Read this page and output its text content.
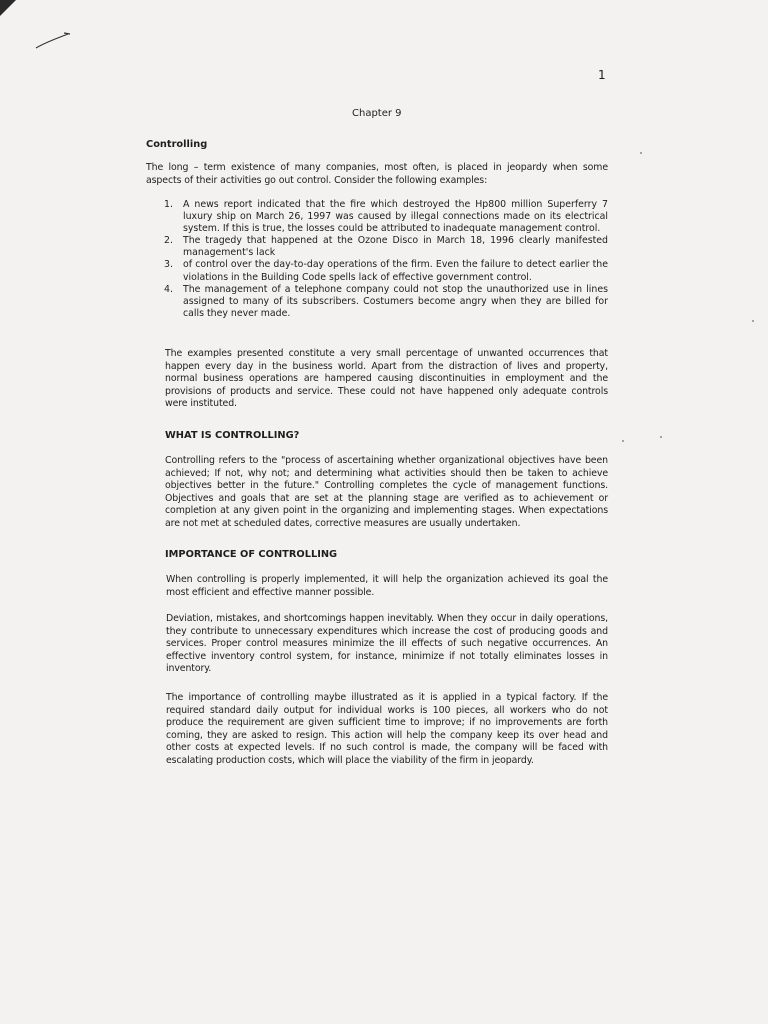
1
Chapter 9
Controlling
The long – term existence of many companies, most often, is placed in jeopardy when some aspects of their activities go out control. Consider the following examples:
1. A news report indicated that the fire which destroyed the Hp800 million Superferry 7 luxury ship on March 26, 1997 was caused by illegal connections made on its electrical system. If this is true, the losses could be attributed to inadequate management control.
2. The tragedy that happened at the Ozone Disco in March 18, 1996 clearly manifested management's lack
3. of control over the day-to-day operations of the firm. Even the failure to detect earlier the violations in the Building Code spells lack of effective government control.
4. The management of a telephone company could not stop the unauthorized use in lines assigned to many of its subscribers. Costumers become angry when they are billed for calls they never made.
The examples presented constitute a very small percentage of unwanted occurrences that happen every day in the business world. Apart from the distraction of lives and property, normal business operations are hampered causing discontinuities in employment and the provisions of products and service. These could not have happened only adequate controls were instituted.
WHAT IS CONTROLLING?
Controlling refers to the "process of ascertaining whether organizational objectives have been achieved; If not, why not; and determining what activities should then be taken to achieve objectives better in the future." Controlling completes the cycle of management functions. Objectives and goals that are set at the planning stage are verified as to achievement or completion at any given point in the organizing and implementing stages. When expectations are not met at scheduled dates, corrective measures are usually undertaken.
IMPORTANCE OF CONTROLLING
When controlling is properly implemented, it will help the organization achieved its goal the most efficient and effective manner possible.
Deviation, mistakes, and shortcomings happen inevitably. When they occur in daily operations, they contribute to unnecessary expenditures which increase the cost of producing goods and services. Proper control measures minimize the ill effects of such negative occurrences. An effective inventory control system, for instance, minimize if not totally eliminates losses in inventory.
The importance of controlling maybe illustrated as it is applied in a typical factory. If the required standard daily output for individual works is 100 pieces, all workers who do not produce the requirement are given sufficient time to improve; if no improvements are forth coming, they are asked to resign. This action will help the company keep its over head and other costs at expected levels. If no such control is made, the company will be faced with escalating production costs, which will place the viability of the firm in jeopardy.
